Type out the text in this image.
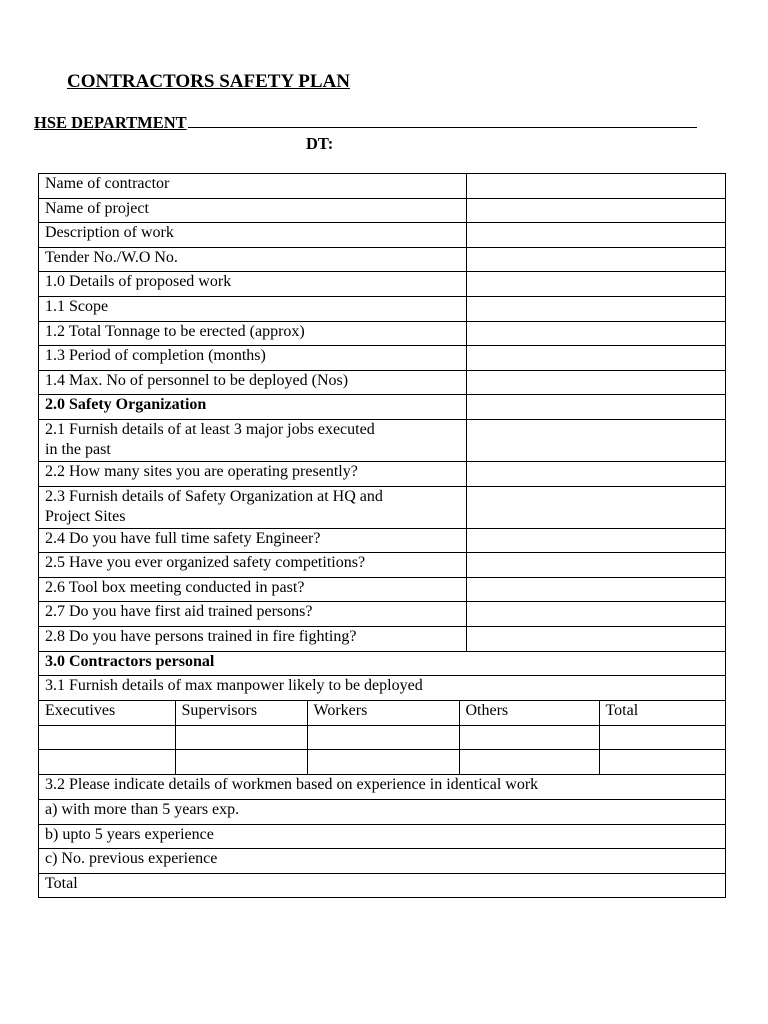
CONTRACTORS SAFETY PLAN
HSE DEPARTMENT
DT:
Name of contractor	
Name of project	
Description of work	
Tender No./W.O No.	
1.0 Details of proposed work	
1.1 Scope	
1.2 Total Tonnage to be erected (approx)	
1.3 Period of completion (months)	
1.4 Max. No of personnel to be deployed (Nos)	
2.0 Safety Organization	
2.1 Furnish details of at least 3 major jobs executed in the past	
2.2 How many sites you are operating presently?	
2.3 Furnish details of Safety Organization at HQ and Project Sites	
2.4 Do you have full time safety Engineer?	
2.5 Have you ever organized safety competitions?	
2.6 Tool box meeting conducted in past?	
2.7 Do you have first aid trained persons?	
2.8 Do you have persons trained in fire fighting?	
3.0 Contractors personal
3.1 Furnish details of max manpower likely to be deployed

Executives	Supervisors	Workers	Others	Total

3.2 Please indicate details of workmen based on experience in identical work
a) with more than 5 years exp.
b) upto 5 years experience
c) No. previous experience
Total
